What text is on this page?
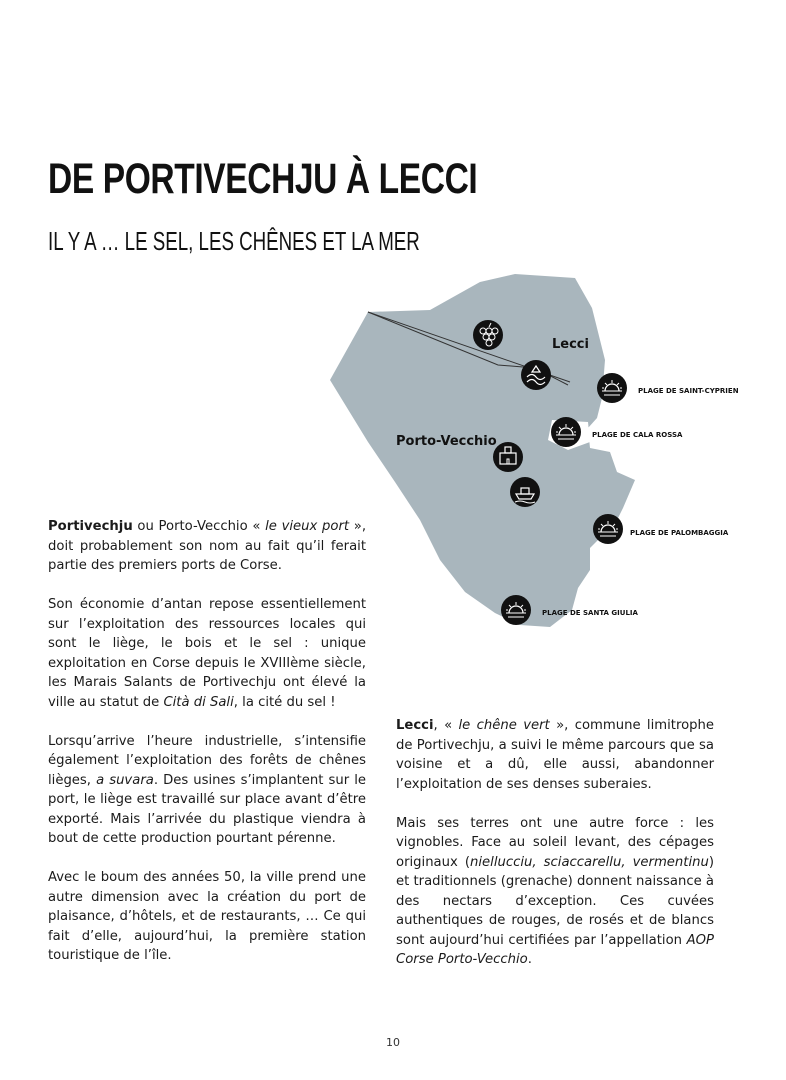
DE PORTIVECHJU À LECCI
IL Y A … LE SEL, LES CHÊNES ET LA MER
Lecci
Porto-Vecchio
PLAGE DE SAINT-CYPRIEN
PLAGE DE CALA ROSSA
PLAGE DE PALOMBAGGIA
PLAGE DE SANTA GIULIA

Portivechju ou Porto-Vecchio « le vieux port », doit probablement son nom au fait qu’il ferait partie des premiers ports de Corse.

Son économie d’antan repose essentiellement sur l’exploitation des ressources locales qui sont le liège, le bois et le sel : unique exploitation en Corse depuis le XVIIIème siècle, les Marais Salants de Portivechju ont élevé la ville au statut de Cità di Sali, la cité du sel !

Lorsqu’arrive l’heure industrielle, s’intensifie également l’exploitation des forêts de chênes lièges, a suvara. Des usines s’implantent sur le port, le liège est travaillé sur place avant d’être exporté. Mais l’arrivée du plastique viendra à bout de cette production pourtant pérenne.

Avec le boum des années 50, la ville prend une autre dimension avec la création du port de plaisance, d’hôtels, et de restaurants, … Ce qui fait d’elle, aujourd’hui, la première station touristique de l’île.

Lecci, « le chêne vert », commune limitrophe de Portivechju, a suivi le même parcours que sa voisine et a dû, elle aussi, abandonner l’exploitation de ses denses suberaies.

Mais ses terres ont une autre force : les vignobles. Face au soleil levant, des cépages originaux (niellucciu, sciaccarellu, vermentinu) et traditionnels (grenache) donnent naissance à des nectars d’exception. Ces cuvées authentiques de rouges, de rosés et de blancs sont aujourd’hui certifiées par l’appellation AOP Corse Porto-Vecchio.

10
